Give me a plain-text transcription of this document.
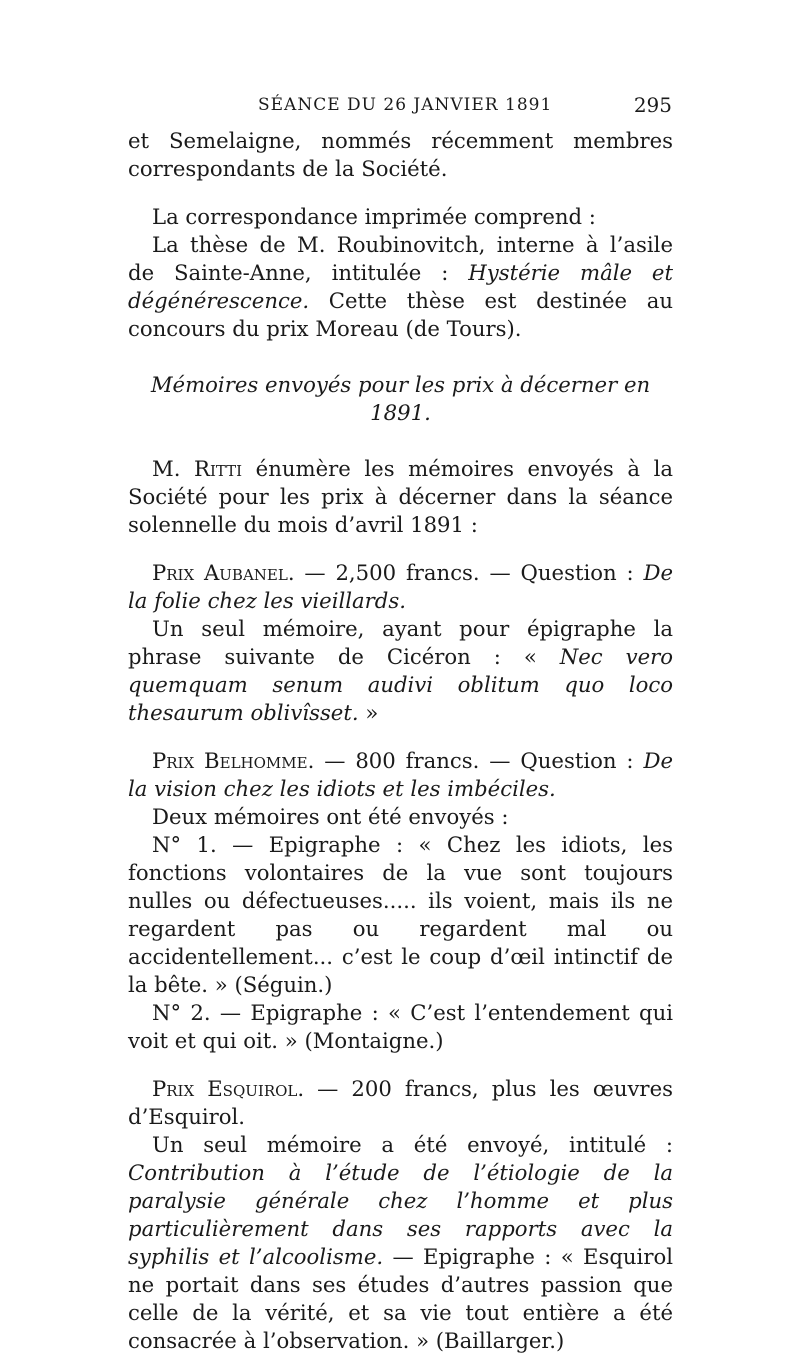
SÉANCE DU 26 JANVIER 1891	295

et Semelaigne, nommés récemment membres correspondants de la Société.

La correspondance imprimée comprend :

La thèse de M. Roubinovitch, interne à l’asile de Sainte-Anne, intitulée : Hystérie mâle et dégénérescence. Cette thèse est destinée au concours du prix Moreau (de Tours).

Mémoires envoyés pour les prix à décerner en 1891.

M. Ritti énumère les mémoires envoyés à la Société pour les prix à décerner dans la séance solennelle du mois d’avril 1891 :

Prix Aubanel. — 2,500 francs. — Question : De la folie chez les vieillards.

Un seul mémoire, ayant pour épigraphe la phrase suivante de Cicéron : « Nec vero quemquam senum audivi oblitum quo loco thesaurum oblivîsset. »

Prix Belhomme. — 800 francs. — Question : De la vision chez les idiots et les imbéciles.

Deux mémoires ont été envoyés :

N° 1. — Epigraphe : « Chez les idiots, les fonctions volontaires de la vue sont toujours nulles ou défectueuses..... ils voient, mais ils ne regardent pas ou regardent mal ou accidentellement... c’est le coup d’œil intinctif de la bête. » (Séguin.)

N° 2. — Epigraphe : « C’est l’entendement qui voit et qui oit. » (Montaigne.)

Prix Esquirol. — 200 francs, plus les œuvres d’Esquirol.

Un seul mémoire a été envoyé, intitulé : Contribution à l’étude de l’étiologie de la paralysie générale chez l’homme et plus particulièrement dans ses rapports avec la syphilis et l’alcoolisme. — Epigraphe : « Esquirol ne portait dans ses études d’autres passion que celle de la vérité, et sa vie tout entière a été consacrée à l’observation. » (Baillarger.)
